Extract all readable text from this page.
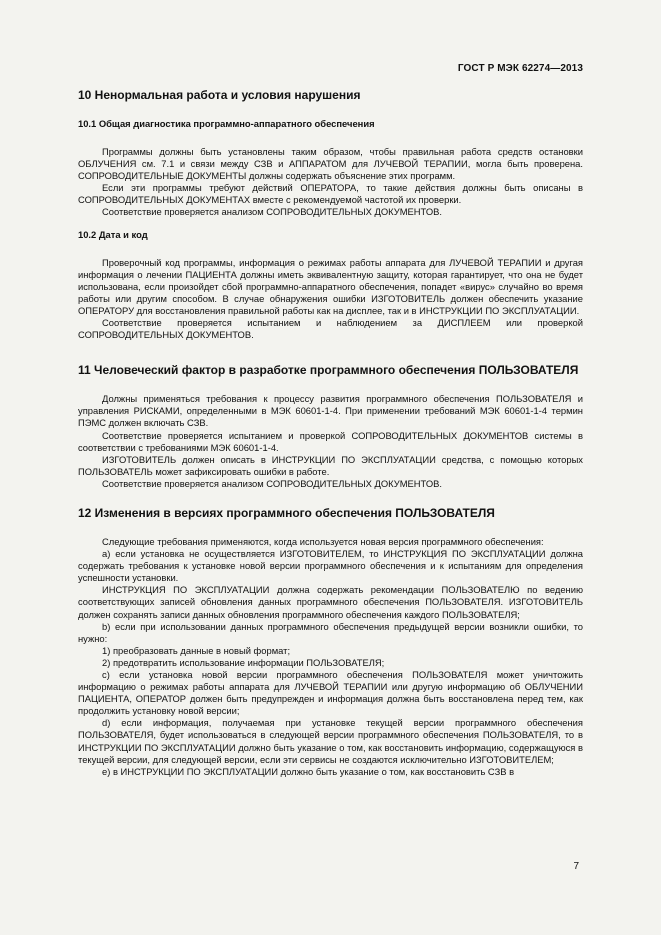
ГОСТ Р МЭК 62274—2013
10 Ненормальная работа и условия нарушения
10.1 Общая диагностика программно-аппаратного обеспечения

Программы должны быть установлены таким образом, чтобы правильная работа средств остановки ОБЛУЧЕНИЯ см. 7.1 и связи между СЗВ и АППАРАТОМ для ЛУЧЕВОЙ ТЕРАПИИ, могла быть проверена. СОПРОВОДИТЕЛЬНЫЕ ДОКУМЕНТЫ должны содержать объяснение этих программ.

Если эти программы требуют действий ОПЕРАТОРА, то такие действия должны быть описаны в СОПРОВОДИТЕЛЬНЫХ ДОКУМЕНТАХ вместе с рекомендуемой частотой их проверки.

Соответствие проверяется анализом СОПРОВОДИТЕЛЬНЫХ ДОКУМЕНТОВ.

10.2 Дата и код

Проверочный код программы, информация о режимах работы аппарата для ЛУЧЕВОЙ ТЕРАПИИ и другая информация о лечении ПАЦИЕНТА должны иметь эквивалентную защиту, которая гарантирует, что она не будет использована, если произойдет сбой программно-аппаратного обеспечения, попадет «вирус» случайно во время работы или другим способом. В случае обнаружения ошибки ИЗГОТОВИТЕЛЬ должен обеспечить указание ОПЕРАТОРУ для восстановления правильной работы как на дисплее, так и в ИНСТРУКЦИИ ПО ЭКСПЛУАТАЦИИ.

Соответствие проверяется испытанием и наблюдением за ДИСПЛЕЕМ или проверкой СОПРОВОДИТЕЛЬНЫХ ДОКУМЕНТОВ.

11 Человеческий фактор в разработке программного обеспечения ПОЛЬЗОВАТЕЛЯ

Должны применяться требования к процессу развития программного обеспечения ПОЛЬЗОВАТЕЛЯ и управления РИСКАМИ, определенными в МЭК 60601-1-4. При применении требований МЭК 60601-1-4 термин ПЭМС должен включать СЗВ.

Соответствие проверяется испытанием и проверкой СОПРОВОДИТЕЛЬНЫХ ДОКУМЕНТОВ системы в соответствии с требованиями МЭК 60601-1-4.

ИЗГОТОВИТЕЛЬ должен описать в ИНСТРУКЦИИ ПО ЭКСПЛУАТАЦИИ средства, с помощью которых ПОЛЬЗОВАТЕЛЬ может зафиксировать ошибки в работе.

Соответствие проверяется анализом СОПРОВОДИТЕЛЬНЫХ ДОКУМЕНТОВ.

12 Изменения в версиях программного обеспечения ПОЛЬЗОВАТЕЛЯ

Следующие требования применяются, когда используется новая версия программного обеспечения:

а) если установка не осуществляется ИЗГОТОВИТЕЛЕМ, то ИНСТРУКЦИЯ ПО ЭКСПЛУАТАЦИИ должна содержать требования к установке новой версии программного обеспечения и к испытаниям для определения успешности установки.

ИНСТРУКЦИЯ ПО ЭКСПЛУАТАЦИИ должна содержать рекомендации ПОЛЬЗОВАТЕЛЮ по ведению соответствующих записей обновления данных программного обеспечения ПОЛЬЗОВАТЕЛЯ. ИЗГОТОВИТЕЛЬ должен сохранять записи данных обновления программного обеспечения каждого ПОЛЬЗОВАТЕЛЯ;

b) если при использовании данных программного обеспечения предыдущей версии возникли ошибки, то нужно:

1) преобразовать данные в новый формат;

2) предотвратить использование информации ПОЛЬЗОВАТЕЛЯ;

с) если установка новой версии программного обеспечения ПОЛЬЗОВАТЕЛЯ может уничтожить информацию о режимах работы аппарата для ЛУЧЕВОЙ ТЕРАПИИ или другую информацию об ОБЛУЧЕНИИ ПАЦИЕНТА, ОПЕРАТОР должен быть предупрежден и информация должна быть восстановлена перед тем, как продолжить установку новой версии;

d) если информация, получаемая при установке текущей версии программного обеспечения ПОЛЬЗОВАТЕЛЯ, будет использоваться в следующей версии программного обеспечения ПОЛЬЗОВАТЕЛЯ, то в ИНСТРУКЦИИ ПО ЭКСПЛУАТАЦИИ должно быть указание о том, как восстановить информацию, содержащуюся в текущей версии, для следующей версии, если эти сервисы не создаются исключительно ИЗГОТОВИТЕЛЕМ;

е) в ИНСТРУКЦИИ ПО ЭКСПЛУАТАЦИИ должно быть указание о том, как восстановить СЗВ в

7
